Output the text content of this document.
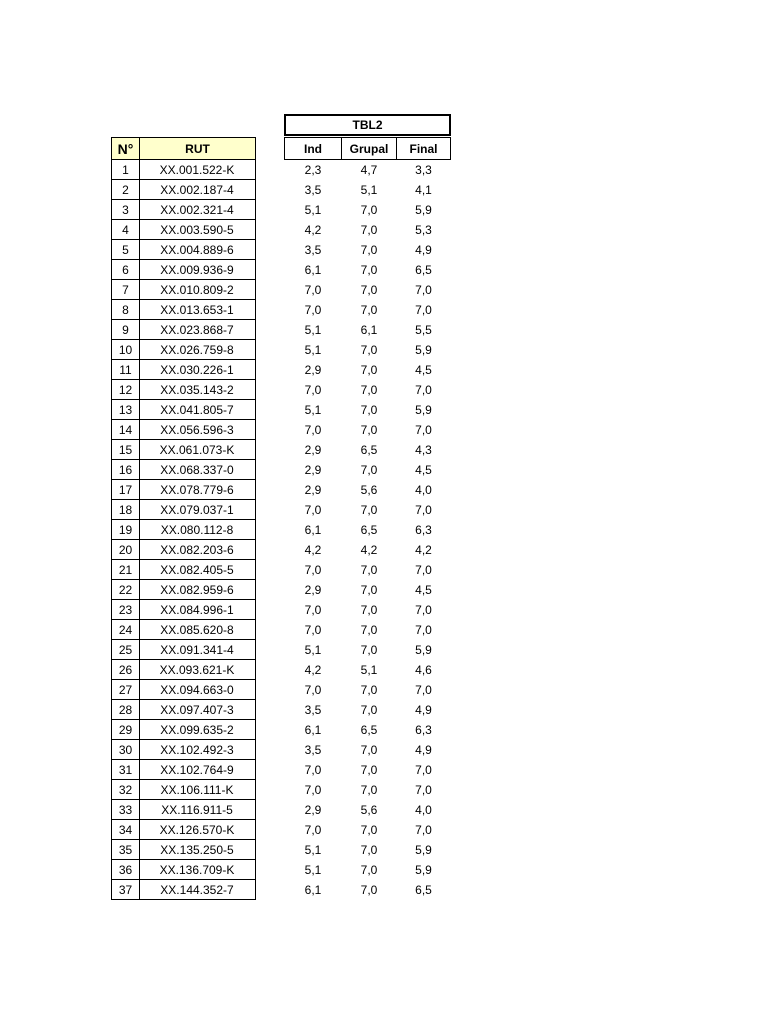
TBL2
N°	RUT	Ind	Grupal	Final
1	XX.001.522-K	2,3	4,7	3,3
2	XX.002.187-4	3,5	5,1	4,1
3	XX.002.321-4	5,1	7,0	5,9
4	XX.003.590-5	4,2	7,0	5,3
5	XX.004.889-6	3,5	7,0	4,9
6	XX.009.936-9	6,1	7,0	6,5
7	XX.010.809-2	7,0	7,0	7,0
8	XX.013.653-1	7,0	7,0	7,0
9	XX.023.868-7	5,1	6,1	5,5
10	XX.026.759-8	5,1	7,0	5,9
11	XX.030.226-1	2,9	7,0	4,5
12	XX.035.143-2	7,0	7,0	7,0
13	XX.041.805-7	5,1	7,0	5,9
14	XX.056.596-3	7,0	7,0	7,0
15	XX.061.073-K	2,9	6,5	4,3
16	XX.068.337-0	2,9	7,0	4,5
17	XX.078.779-6	2,9	5,6	4,0
18	XX.079.037-1	7,0	7,0	7,0
19	XX.080.112-8	6,1	6,5	6,3
20	XX.082.203-6	4,2	4,2	4,2
21	XX.082.405-5	7,0	7,0	7,0
22	XX.082.959-6	2,9	7,0	4,5
23	XX.084.996-1	7,0	7,0	7,0
24	XX.085.620-8	7,0	7,0	7,0
25	XX.091.341-4	5,1	7,0	5,9
26	XX.093.621-K	4,2	5,1	4,6
27	XX.094.663-0	7,0	7,0	7,0
28	XX.097.407-3	3,5	7,0	4,9
29	XX.099.635-2	6,1	6,5	6,3
30	XX.102.492-3	3,5	7,0	4,9
31	XX.102.764-9	7,0	7,0	7,0
32	XX.106.111-K	7,0	7,0	7,0
33	XX.116.911-5	2,9	5,6	4,0
34	XX.126.570-K	7,0	7,0	7,0
35	XX.135.250-5	5,1	7,0	5,9
36	XX.136.709-K	5,1	7,0	5,9
37	XX.144.352-7	6,1	7,0	6,5
